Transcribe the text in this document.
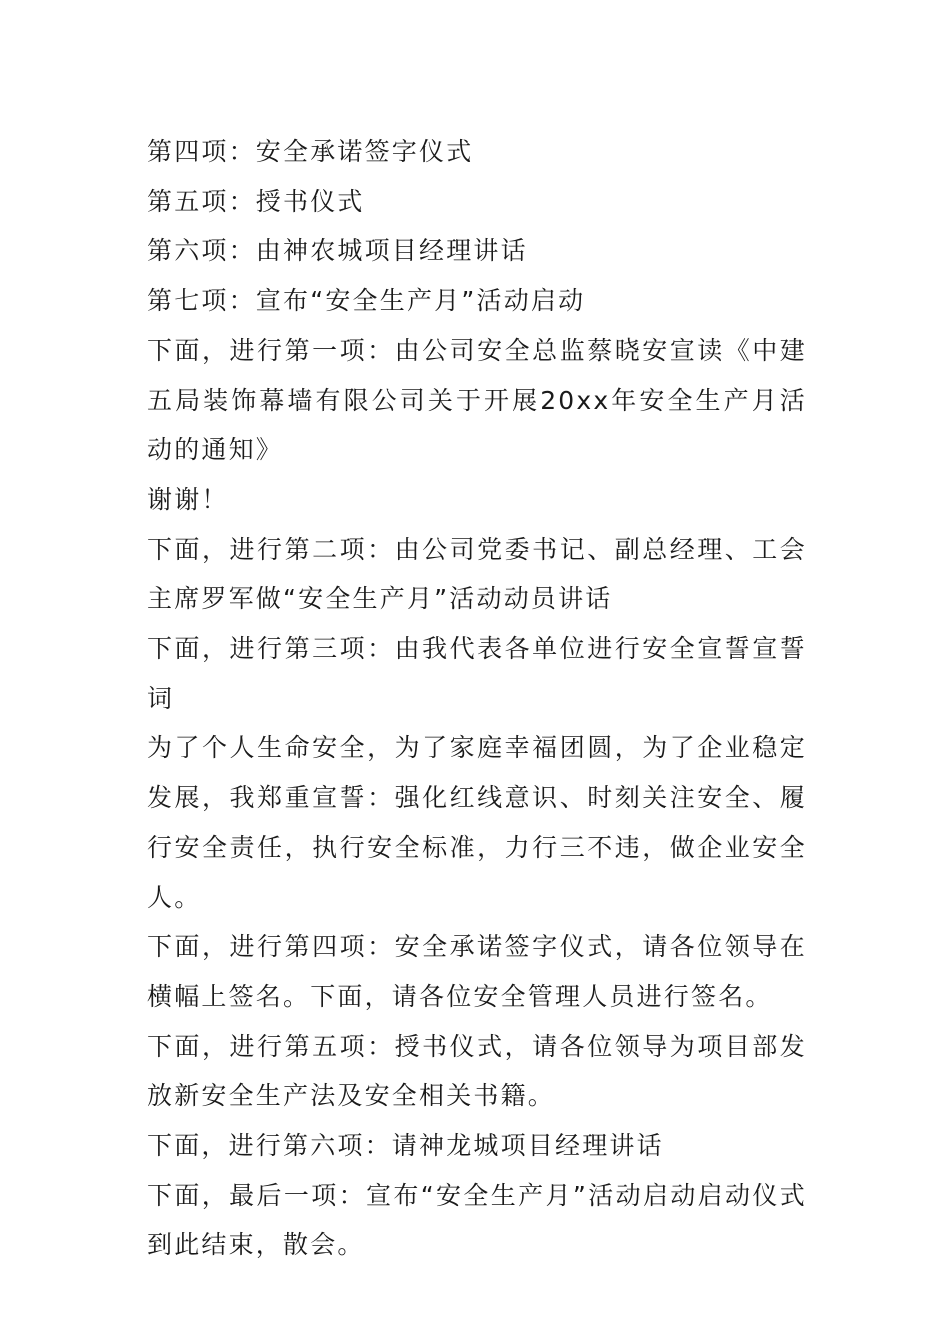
第四项：安全承诺签字仪式

第五项：授书仪式

第六项：由神农城项目经理讲话

第七项：宣布“安全生产月”活动启动

下面，进行第一项：由公司安全总监蔡晓安宣读《中建五局装饰幕墙有限公司关于开展20xx年安全生产月活动的通知》

谢谢！

下面，进行第二项：由公司党委书记、副总经理、工会主席罗军做“安全生产月”活动动员讲话

下面，进行第三项：由我代表各单位进行安全宣誓宣誓词

为了个人生命安全，为了家庭幸福团圆，为了企业稳定发展，我郑重宣誓：强化红线意识、时刻关注安全、履行安全责任，执行安全标准，力行三不违，做企业安全人。

下面，进行第四项：安全承诺签字仪式，请各位领导在横幅上签名。下面，请各位安全管理人员进行签名。

下面，进行第五项：授书仪式，请各位领导为项目部发放新安全生产法及安全相关书籍。

下面，进行第六项：请神龙城项目经理讲话

下面，最后一项：宣布“安全生产月”活动启动启动仪式到此结束，散会。
